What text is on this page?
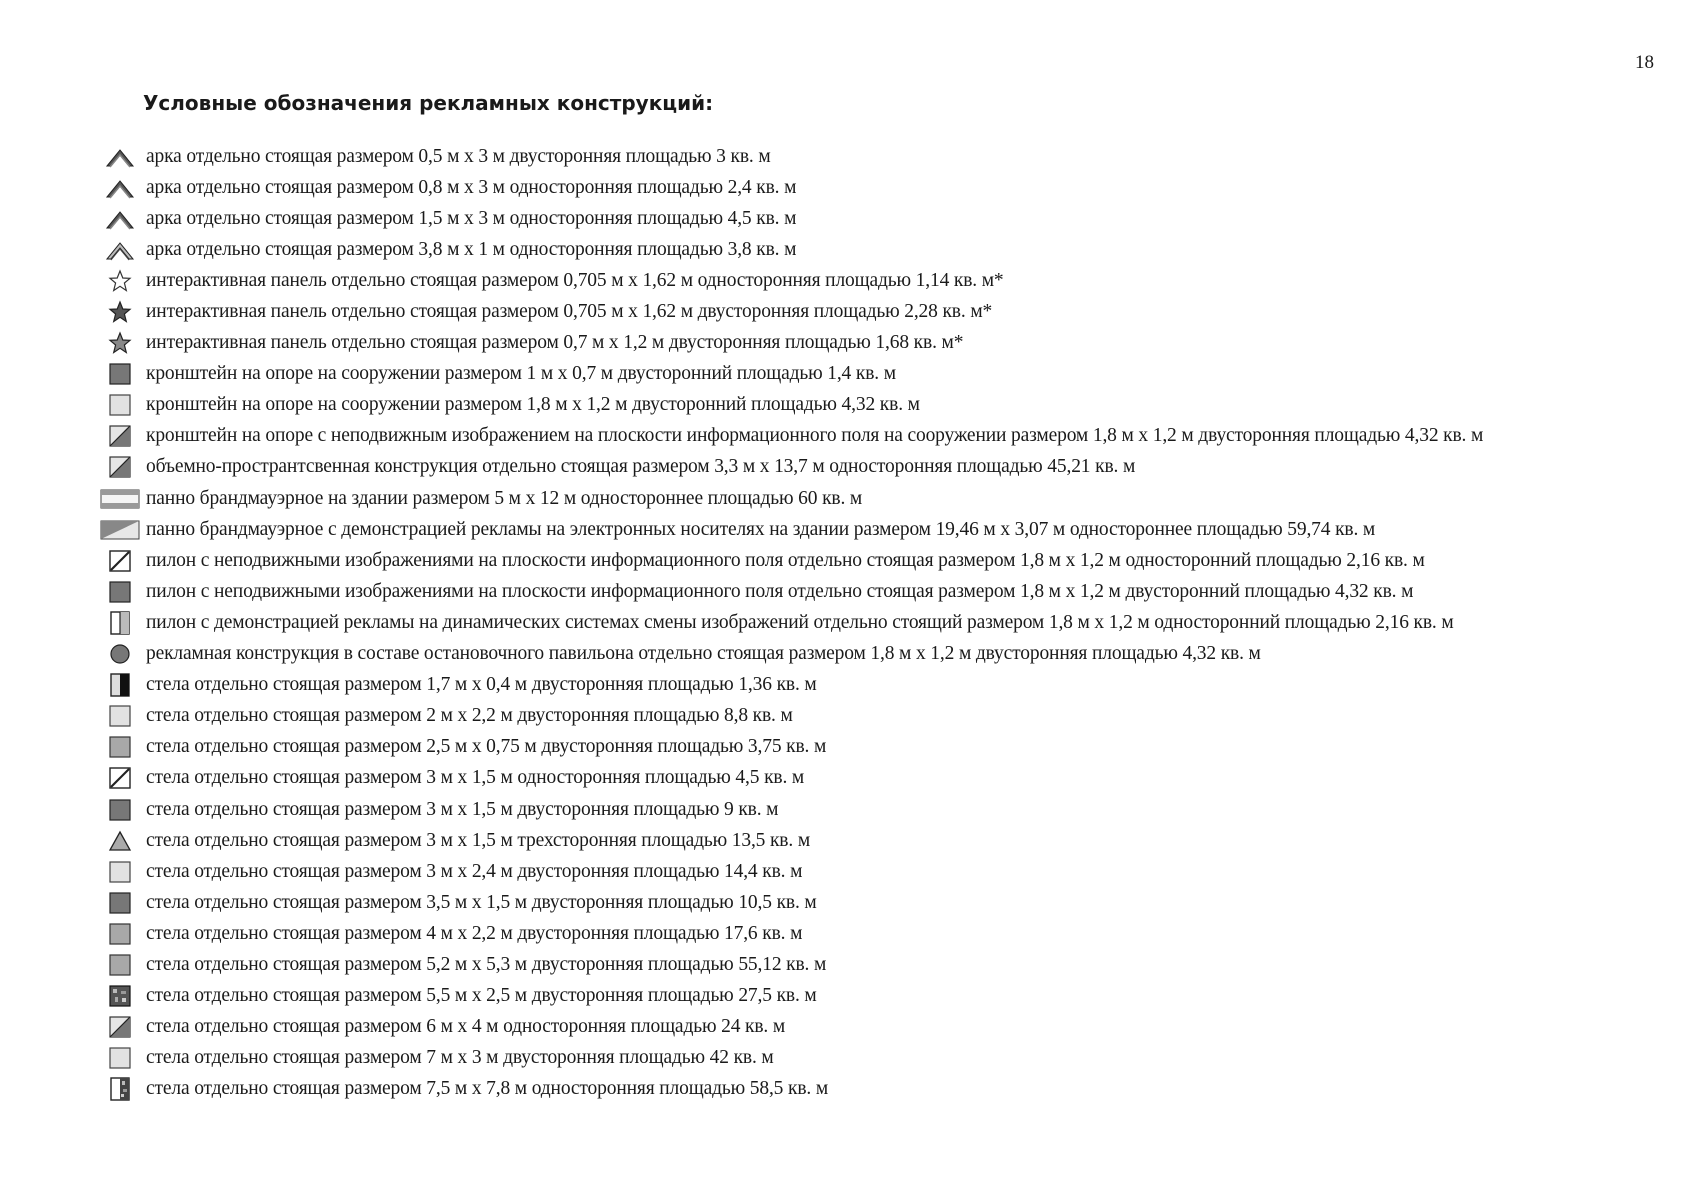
18
Условные обозначения рекламных конструкций:
арка отдельно стоящая размером 0,5 м х 3 м двусторонняя площадью 3 кв. м
арка отдельно стоящая размером 0,8 м х 3 м односторонняя площадью 2,4 кв. м
арка отдельно стоящая размером 1,5 м х 3 м односторонняя площадью 4,5 кв. м
арка отдельно стоящая размером 3,8 м х 1 м односторонняя площадью 3,8 кв. м
интерактивная панель отдельно стоящая размером 0,705 м х 1,62 м односторонняя площадью 1,14 кв. м*
интерактивная панель отдельно стоящая размером 0,705 м х 1,62 м двусторонняя площадью 2,28 кв. м*
интерактивная панель отдельно стоящая размером 0,7 м х 1,2 м двусторонняя площадью 1,68 кв. м*
кронштейн на опоре на сооружении размером 1 м х 0,7 м двусторонний площадью 1,4 кв. м
кронштейн на опоре на сооружении размером 1,8 м х 1,2 м двусторонний площадью 4,32 кв. м
кронштейн на опоре с неподвижным изображением на плоскости информационного поля на сооружении размером 1,8 м х 1,2 м двусторонняя площадью 4,32 кв. м
объемно-пространтсвенная конструкция отдельно стоящая размером 3,3 м х 13,7 м односторонняя площадью 45,21 кв. м
панно брандмауэрное на здании размером 5 м х 12 м одностороннее площадью 60 кв. м
панно брандмауэрное с демонстрацией рекламы на электронных носителях на здании размером 19,46 м х 3,07 м одностороннее площадью 59,74 кв. м
пилон с неподвижными изображениями на плоскости информационного поля отдельно стоящая размером 1,8 м х 1,2 м односторонний площадью 2,16 кв. м
пилон с неподвижными изображениями на плоскости информационного поля отдельно стоящая размером 1,8 м х 1,2 м двусторонний площадью 4,32 кв. м
пилон с демонстрацией рекламы на динамических системах смены изображений отдельно стоящий размером 1,8 м х 1,2 м односторонний площадью 2,16 кв. м
рекламная конструкция в составе остановочного павильона отдельно стоящая размером 1,8 м х 1,2 м двусторонняя площадью 4,32 кв. м
стела отдельно стоящая размером 1,7 м х 0,4 м двусторонняя площадью 1,36 кв. м
стела отдельно стоящая размером 2 м х 2,2 м двусторонняя площадью 8,8 кв. м
стела отдельно стоящая размером 2,5 м х 0,75 м двусторонняя площадью 3,75 кв. м
стела отдельно стоящая размером 3 м х 1,5 м односторонняя площадью 4,5 кв. м
стела отдельно стоящая размером 3 м х 1,5 м двусторонняя площадью 9 кв. м
стела отдельно стоящая размером 3 м х 1,5 м трехсторонняя площадью 13,5 кв. м
стела отдельно стоящая размером 3 м х 2,4 м двусторонняя площадью 14,4 кв. м
стела отдельно стоящая размером 3,5 м х 1,5 м двусторонняя площадью 10,5 кв. м
стела отдельно стоящая размером 4 м х 2,2 м двусторонняя площадью 17,6 кв. м
стела отдельно стоящая размером 5,2 м х 5,3 м двусторонняя площадью 55,12 кв. м
стела отдельно стоящая размером 5,5 м х 2,5 м двусторонняя площадью 27,5 кв. м
стела отдельно стоящая размером 6 м х 4 м односторонняя площадью 24 кв. м
стела отдельно стоящая размером 7 м х 3 м двусторонняя площадью 42 кв. м
стела отдельно стоящая размером 7,5 м х 7,8 м односторонняя площадью 58,5 кв. м
